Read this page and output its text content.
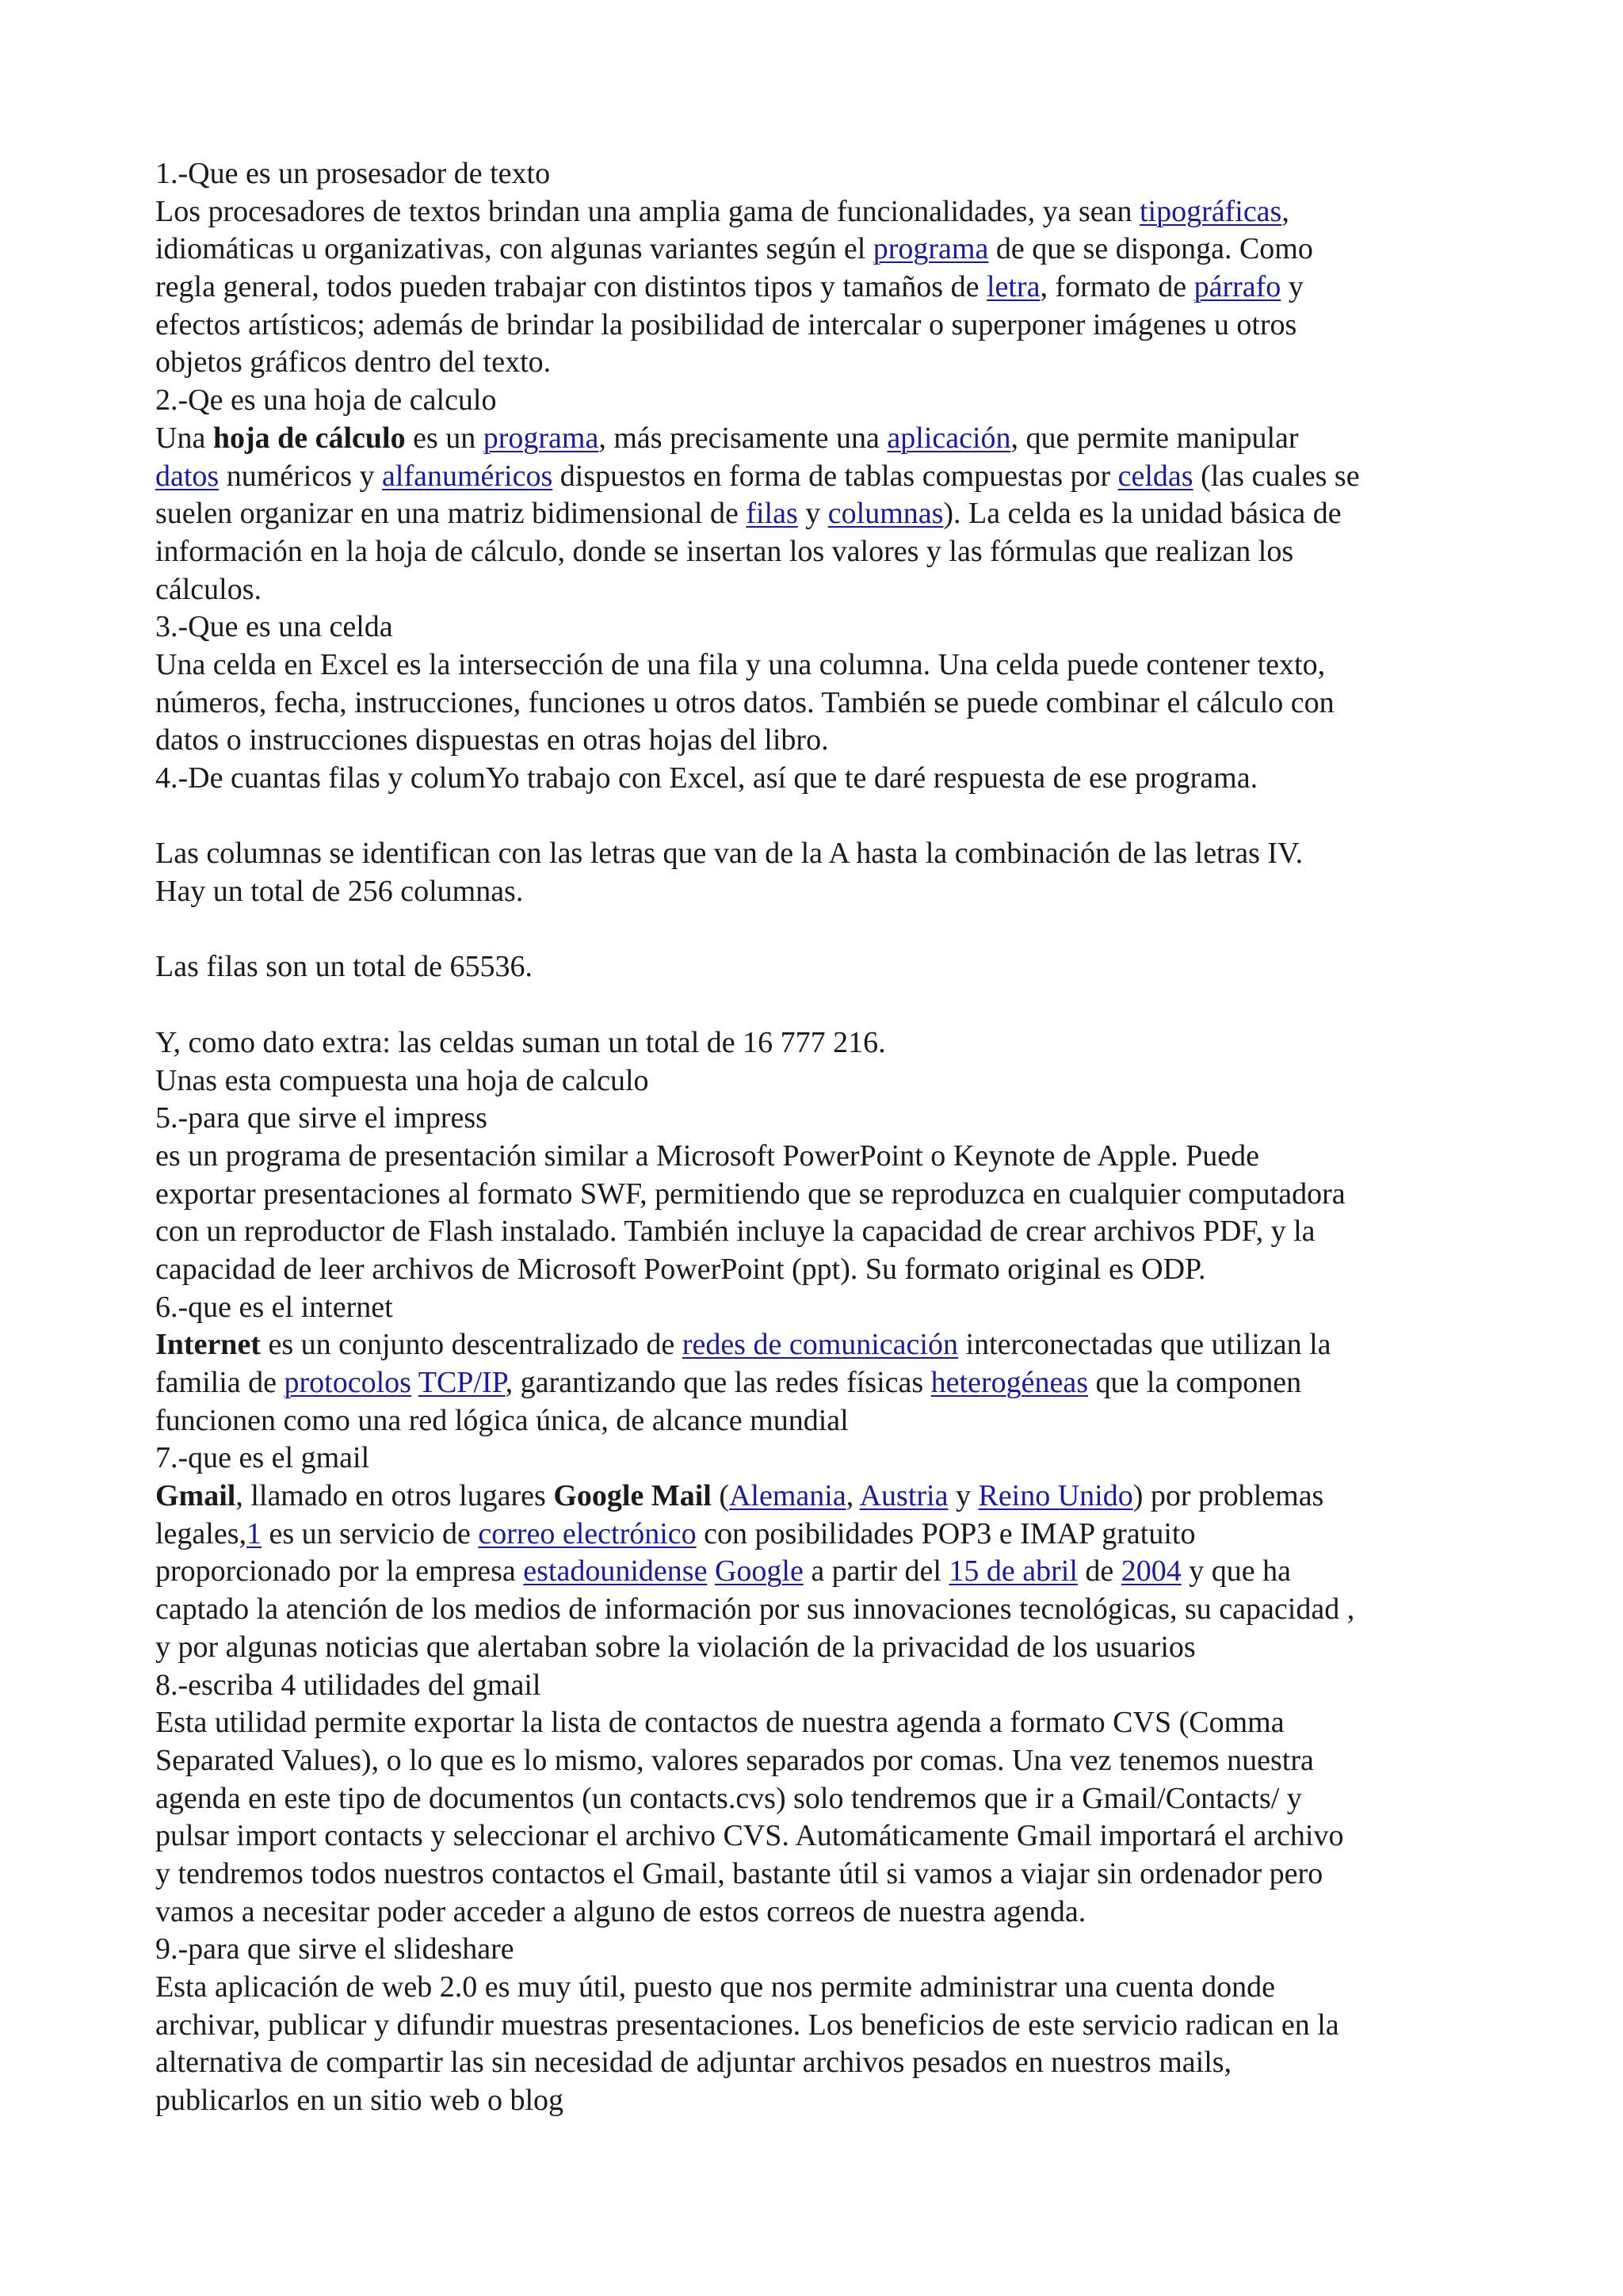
1.-Que es un prosesador de texto
Los procesadores de textos brindan una amplia gama de funcionalidades, ya sean tipográficas,
idiomáticas u organizativas, con algunas variantes según el programa de que se disponga. Como
regla general, todos pueden trabajar con distintos tipos y tamaños de letra, formato de párrafo y
efectos artísticos; además de brindar la posibilidad de intercalar o superponer imágenes u otros
objetos gráficos dentro del texto.
2.-Qe es una hoja de calculo
Una hoja de cálculo es un programa, más precisamente una aplicación, que permite manipular
datos numéricos y alfanuméricos dispuestos en forma de tablas compuestas por celdas (las cuales se
suelen organizar en una matriz bidimensional de filas y columnas). La celda es la unidad básica de
información en la hoja de cálculo, donde se insertan los valores y las fórmulas que realizan los
cálculos.
3.-Que es una celda
Una celda en Excel es la intersección de una fila y una columna. Una celda puede contener texto,
números, fecha, instrucciones, funciones u otros datos. También se puede combinar el cálculo con
datos o instrucciones dispuestas en otras hojas del libro.
4.-De cuantas filas y columYo trabajo con Excel, así que te daré respuesta de ese programa.
Las columnas se identifican con las letras que van de la A hasta la combinación de las letras IV.
Hay un total de 256 columnas.
Las filas son un total de 65536.
Y, como dato extra: las celdas suman un total de 16 777 216.
Unas esta compuesta una hoja de calculo
5.-para que sirve el impress
es un programa de presentación similar a Microsoft PowerPoint o Keynote de Apple. Puede
exportar presentaciones al formato SWF, permitiendo que se reproduzca en cualquier computadora
con un reproductor de Flash instalado. También incluye la capacidad de crear archivos PDF, y la
capacidad de leer archivos de Microsoft PowerPoint (ppt). Su formato original es ODP.
6.-que es el internet
Internet es un conjunto descentralizado de redes de comunicación interconectadas que utilizan la
familia de protocolos TCP/IP, garantizando que las redes físicas heterogéneas que la componen
funcionen como una red lógica única, de alcance mundial
7.-que es el gmail
Gmail, llamado en otros lugares Google Mail (Alemania, Austria y Reino Unido) por problemas
legales,1 es un servicio de correo electrónico con posibilidades POP3 e IMAP gratuito
proporcionado por la empresa estadounidense Google a partir del 15 de abril de 2004 y que ha
captado la atención de los medios de información por sus innovaciones tecnológicas, su capacidad ,
y por algunas noticias que alertaban sobre la violación de la privacidad de los usuarios
8.-escriba 4 utilidades del gmail
Esta utilidad permite exportar la lista de contactos de nuestra agenda a formato CVS (Comma
Separated Values), o lo que es lo mismo, valores separados por comas. Una vez tenemos nuestra
agenda en este tipo de documentos (un contacts.cvs) solo tendremos que ir a Gmail/Contacts/ y
pulsar import contacts y seleccionar el archivo CVS. Automáticamente Gmail importará el archivo
y tendremos todos nuestros contactos el Gmail, bastante útil si vamos a viajar sin ordenador pero
vamos a necesitar poder acceder a alguno de estos correos de nuestra agenda.
9.-para que sirve el slideshare
Esta aplicación de web 2.0 es muy útil, puesto que nos permite administrar una cuenta donde
archivar, publicar y difundir muestras presentaciones. Los beneficios de este servicio radican en la
alternativa de compartir las sin necesidad de adjuntar archivos pesados en nuestros mails,
publicarlos en un sitio web o blog
